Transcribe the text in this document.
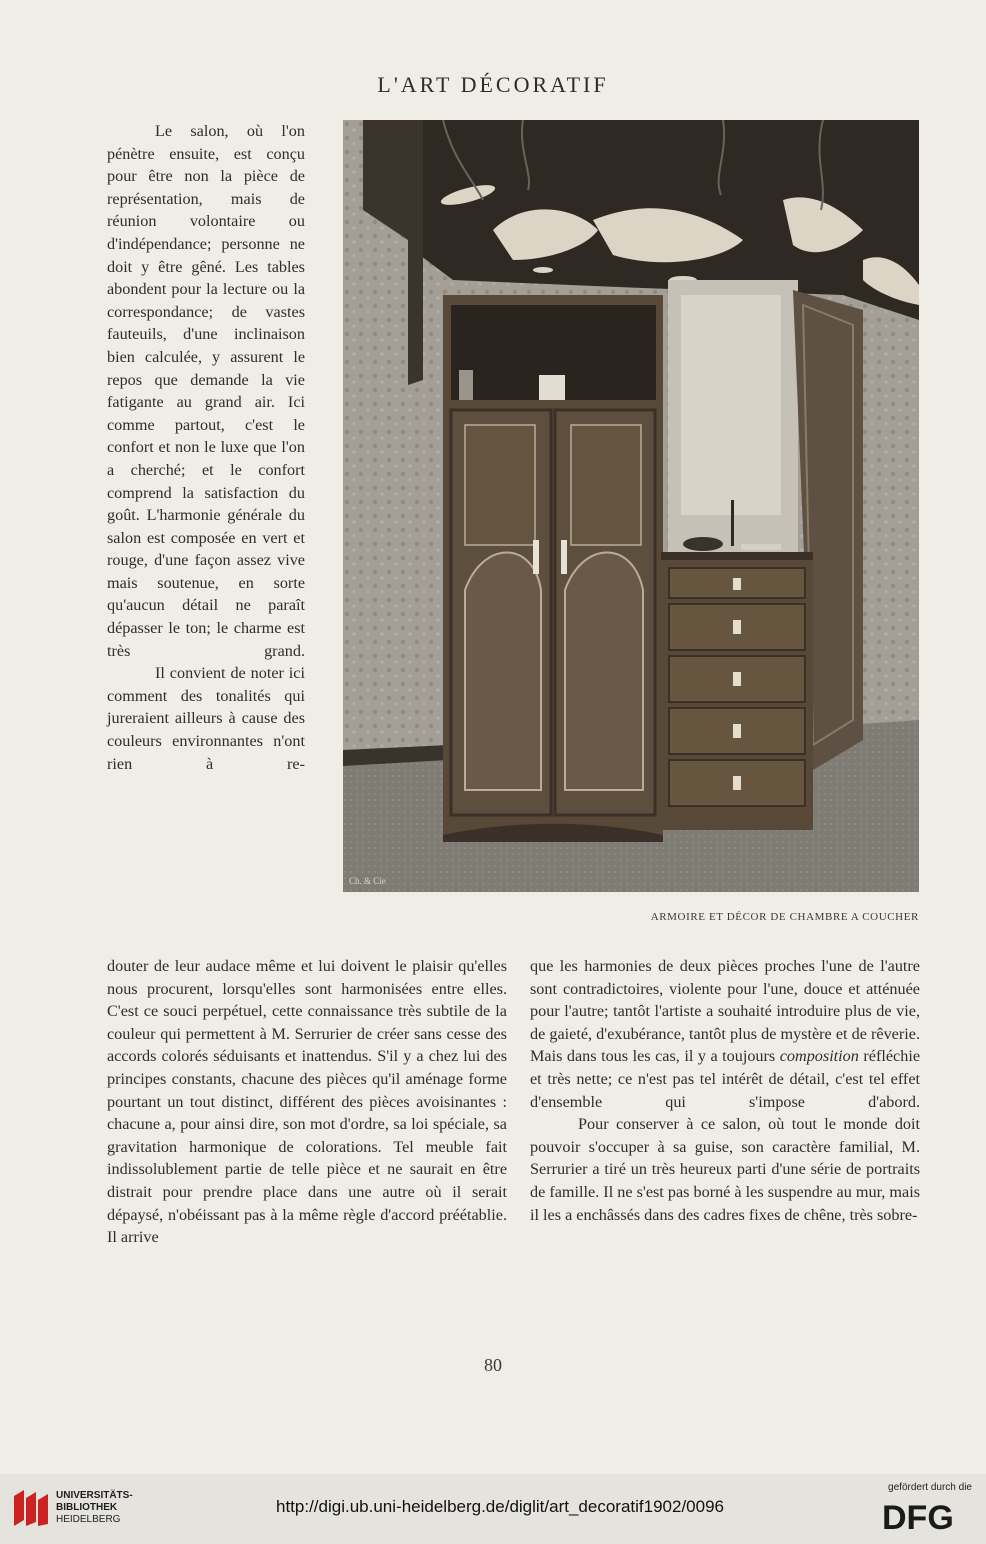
L'ART DÉCORATIF

Le salon, où l'on pénètre ensuite, est conçu pour être non la pièce de représentation, mais de réunion volontaire ou d'indépendance; personne ne doit y être gêné. Les tables abondent pour la lecture ou la correspondance; de vastes fauteuils, d'une inclinaison bien calculée, y assurent le repos que demande la vie fatigante au grand air. Ici comme partout, c'est le confort et non le luxe que l'on a cherché; et le confort comprend la satisfaction du goût. L'harmonie générale du salon est composée en vert et rouge, d'une façon assez vive mais soutenue, en sorte qu'aucun détail ne paraît dépasser le ton; le charme est très grand.

Il convient de noter ici comment des tonalités qui jureraient ailleurs à cause des couleurs environnantes n'ont rien à re-

Ch. & Cie
ARMOIRE ET DÉCOR DE CHAMBRE A COUCHER

douter de leur audace même et lui doivent le plaisir qu'elles nous procurent, lorsqu'elles sont harmonisées entre elles. C'est ce souci perpétuel, cette connaissance très subtile de la couleur qui permettent à M. Serrurier de créer sans cesse des accords colorés séduisants et inattendus. S'il y a chez lui des principes constants, chacune des pièces qu'il aménage forme pourtant un tout distinct, différent des pièces avoisinantes : chacune a, pour ainsi dire, son mot d'ordre, sa loi spéciale, sa gravitation harmonique de colorations. Tel meuble fait indissolublement partie de telle pièce et ne saurait en être distrait pour prendre place dans une autre où il serait dépaysé, n'obéissant pas à la même règle d'accord préétablie. Il arrive

que les harmonies de deux pièces proches l'une de l'autre sont contradictoires, violente pour l'une, douce et atténuée pour l'autre; tantôt l'artiste a souhaité introduire plus de vie, de gaieté, d'exubérance, tantôt plus de mystère et de rêverie. Mais dans tous les cas, il y a toujours composition réfléchie et très nette; ce n'est pas tel intérêt de détail, c'est tel effet d'ensemble qui s'impose d'abord.

Pour conserver à ce salon, où tout le monde doit pouvoir s'occuper à sa guise, son caractère familial, M. Serrurier a tiré un très heureux parti d'une série de portraits de famille. Il ne s'est pas borné à les suspendre au mur, mais il les a enchâssés dans des cadres fixes de chêne, très sobre-

80
UNIVERSITÄTS-
BIBLIOTHEK
HEIDELBERG
http://digi.ub.uni-heidelberg.de/diglit/art_decoratif1902/0096
gefördert durch die
DFG
